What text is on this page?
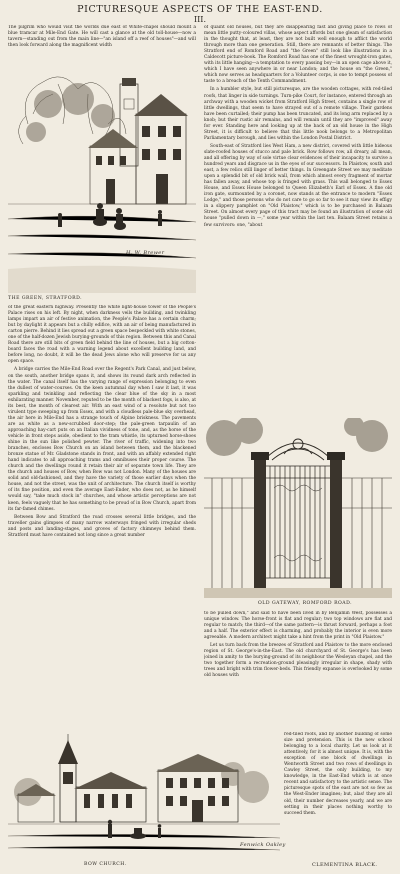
PICTURESQUE ASPECTS OF THE EAST-END.
III.

The pilgrim who would visit the worlds due east of White-chapel should mount a blue tramcar at Mile-End Gate. He will cast a glance at the old toll-house—now a tavern—standing out from the main line—"an island off a reef of houses"—and will then look forward along the magnificent width

H. W. Brewer
THE GREEN, STRATFORD.

of the great eastern highway. Presently the white light-house tower of the People's Palace rises on his left. By night, when darkness veils the building, and twinkling lamps impart an air of festive animation, the People's Palace has a certain charm; but by daylight it appears but a chilly edifice, with an air of being manufactured in carton pierre. Behind it lies spread out a green space bespeckled with white stones, one of the half-dozen Jewish burying-grounds of this region. Between this and Canal Road there are still bits of green field behind the line of houses, but a big cotton-board faces the road with a warning legend about excellent building land, and before long, no doubt, it will be the dead Jews alone who will preserve for us any open space.

A bridge carries the Mile-End Road over the Regent's Park Canal, and just below, on the south, another bridge spans it, and shows its round dark arch reflected in the water. The canal itself has the varying range of expression belonging to even the dullest of water-courses. On the keen autumnal day when I saw it last, it was sparkling and twinkling and reflecting the clear blue of the sky in a most exhilarating manner. November, reputed to be the month of blackest fogs, is also, at its best, the month of clearest air. With an east wind of a resolute but not too virulent type sweeping up from Essex, and with a cloudless pale-blue sky overhead, the air here in Mile-End has a strange touch of Alpine briskness. The pavements are as white as a new-scrubbed door-step; the pale-green tarpaulin of an approaching hay-cart puts on an Italian vividness of tone, and, as the horse of the vehicle in front steps aside, obedient to the tram whistle, its upturned horse-shoes shine in the sun like polished pewter. The river of traffic, widening into two branches, encloses Bow Church on an island between them, and the blackened bronze statue of Mr. Gladstone stands in front, and with an affably extended right hand indicates to all approaching trams and omnibuses their proper course. The church and the dwellings round it retain their air of separate town life. They are the church and houses of Bow, when Bow was not London. Many of the houses are solid and old-fashioned, and they have the variety of those earlier days when the house, and not the street, was the unit of architecture. The church itself is worthy of its fine position, and even the average East-Ender, who does not, as he himself would say, "take much stock in" churches, and whose artistic perceptions are not keen, feels vaguely that he has something to be proud of in Bow Church, apart from its far-famed chimes.

Between Bow and Stratford the road crosses several little bridges, and the traveller gains glimpses of many narrow waterways fringed with irregular sheds and posts and landing-stages, and groves of factory chimneys behind them. Stratford must have contained not long since a great number

of quaint old houses, but they are disappearing fast and giving place to rows of mean little putty-coloured villas, whose aspect affords but one gleam of satisfaction in the thought that, at least, they are not built well enough to afflict the world through more than one generation. Still, there are remnants of better things. The Stratford end of Romford Road and "the Green" still look like illustrations in a Caldecott picture-book. The Romford Road has one of the finest wrought-iron gates, with its little hanging—a temptation to every passing boy—in an open cage above it, which I have seen anywhere in or near London; and the house on "the Green," which now serves as headquarters for a Volunteer corps, is one to tempt possess of taste to a breach of the Tenth Commandment.

In a humbler style, but still picturesque, are the wooden cottages, with red-tiled roofs, that linger in side turnings. Turn-pike Court, for instance, entered through an archway with a wooden wicket from Stratford High Street, contains a single row of little dwellings, that seem to have strayed out of a remote village. Their gardens have been curtailed; their pump has been truncated, and its long arm replaced by a knob; but their rustic air remains, and will remain until they are "improved" away for ever. Standing here and looking up at the back of an old house in the High Street, it is difficult to believe that this little nook belongs to a Metropolitan Parliamentary borough, and lies within the London Postal District.

South-east of Stratford lies West Ham, a new district, covered with little hideous slate-roofed houses of stucco and pale brick. Row follows row, all dreary, all mean, and all offering by way of sole virtue clear evidences of their incapacity to survive a hundred years and disgrace us in the eyes of our successors. In Plaistow, south and east, a few relics still linger of better things. In Greengate Street we may meditate upon a splendid bit of old brick wall, from which almost every fragment of mortar has fallen away, and whose top is fringed with grass. This wall belonged to Essex House, and Essex House belonged to Queen Elizabeth's Earl of Essex. A fine old iron gate, surmounted by a coronet, now stands at the entrance to modern "Essex Lodge," and those persons who do not care to go so far to see it may view its effigy in a slippery pamphlet on "Old Plaistow," which is to be purchased in Balaam Street. On almost every page of this tract may be found an illustration of some old house "pulled down in —," some year within the last ten. Balaam Street retains a few survivors: one, "about

OLD GATEWAY, ROMFORD ROAD.

to be pulled down," and said to have been lived in by Benjamin West, possesses a unique window. The horse-front is flat and regular; two top windows are flat and regular to match; the third—of the same pattern—is thrust forward, perhaps a foot and a half. The exterior effect is charming, and probably the interior is even more agreeable. A modern architect might take a hint from the print in "Old Plaistow."

Let us turn back from the breezes of Stratford and Plaistow to the more enclosed region of St. George's-in-the-East. The old churchyard of St. George's has been joined in amity to the burying-ground of its neighbour the Wesleyan chapel, and the two together form a recreation-ground pleasingly irregular in shape, shady with trees and bright with trim flower-beds. This friendly expanse is overlooked by some old houses with

Fenwick Oakley
BOW CHURCH.

red-tiled roofs, and by another building of some size and pretension. This is the new school belonging to a local charity. Let us look at it attentively, for it is almost unique. It is, with the exception of one block of dwellings in Wentworth Street and two rows of dwellings in Cawley Street, the only building, to my knowledge, in the East-End which is at once recent and satisfactory to the artistic sense. The picturesque spots of the east are not so few as the West-Ender imagines; but, alas! they are all old, their number decreases yearly, and we are setting in their places nothing worthy to succeed them.

CLEMENTINA BLACK.
